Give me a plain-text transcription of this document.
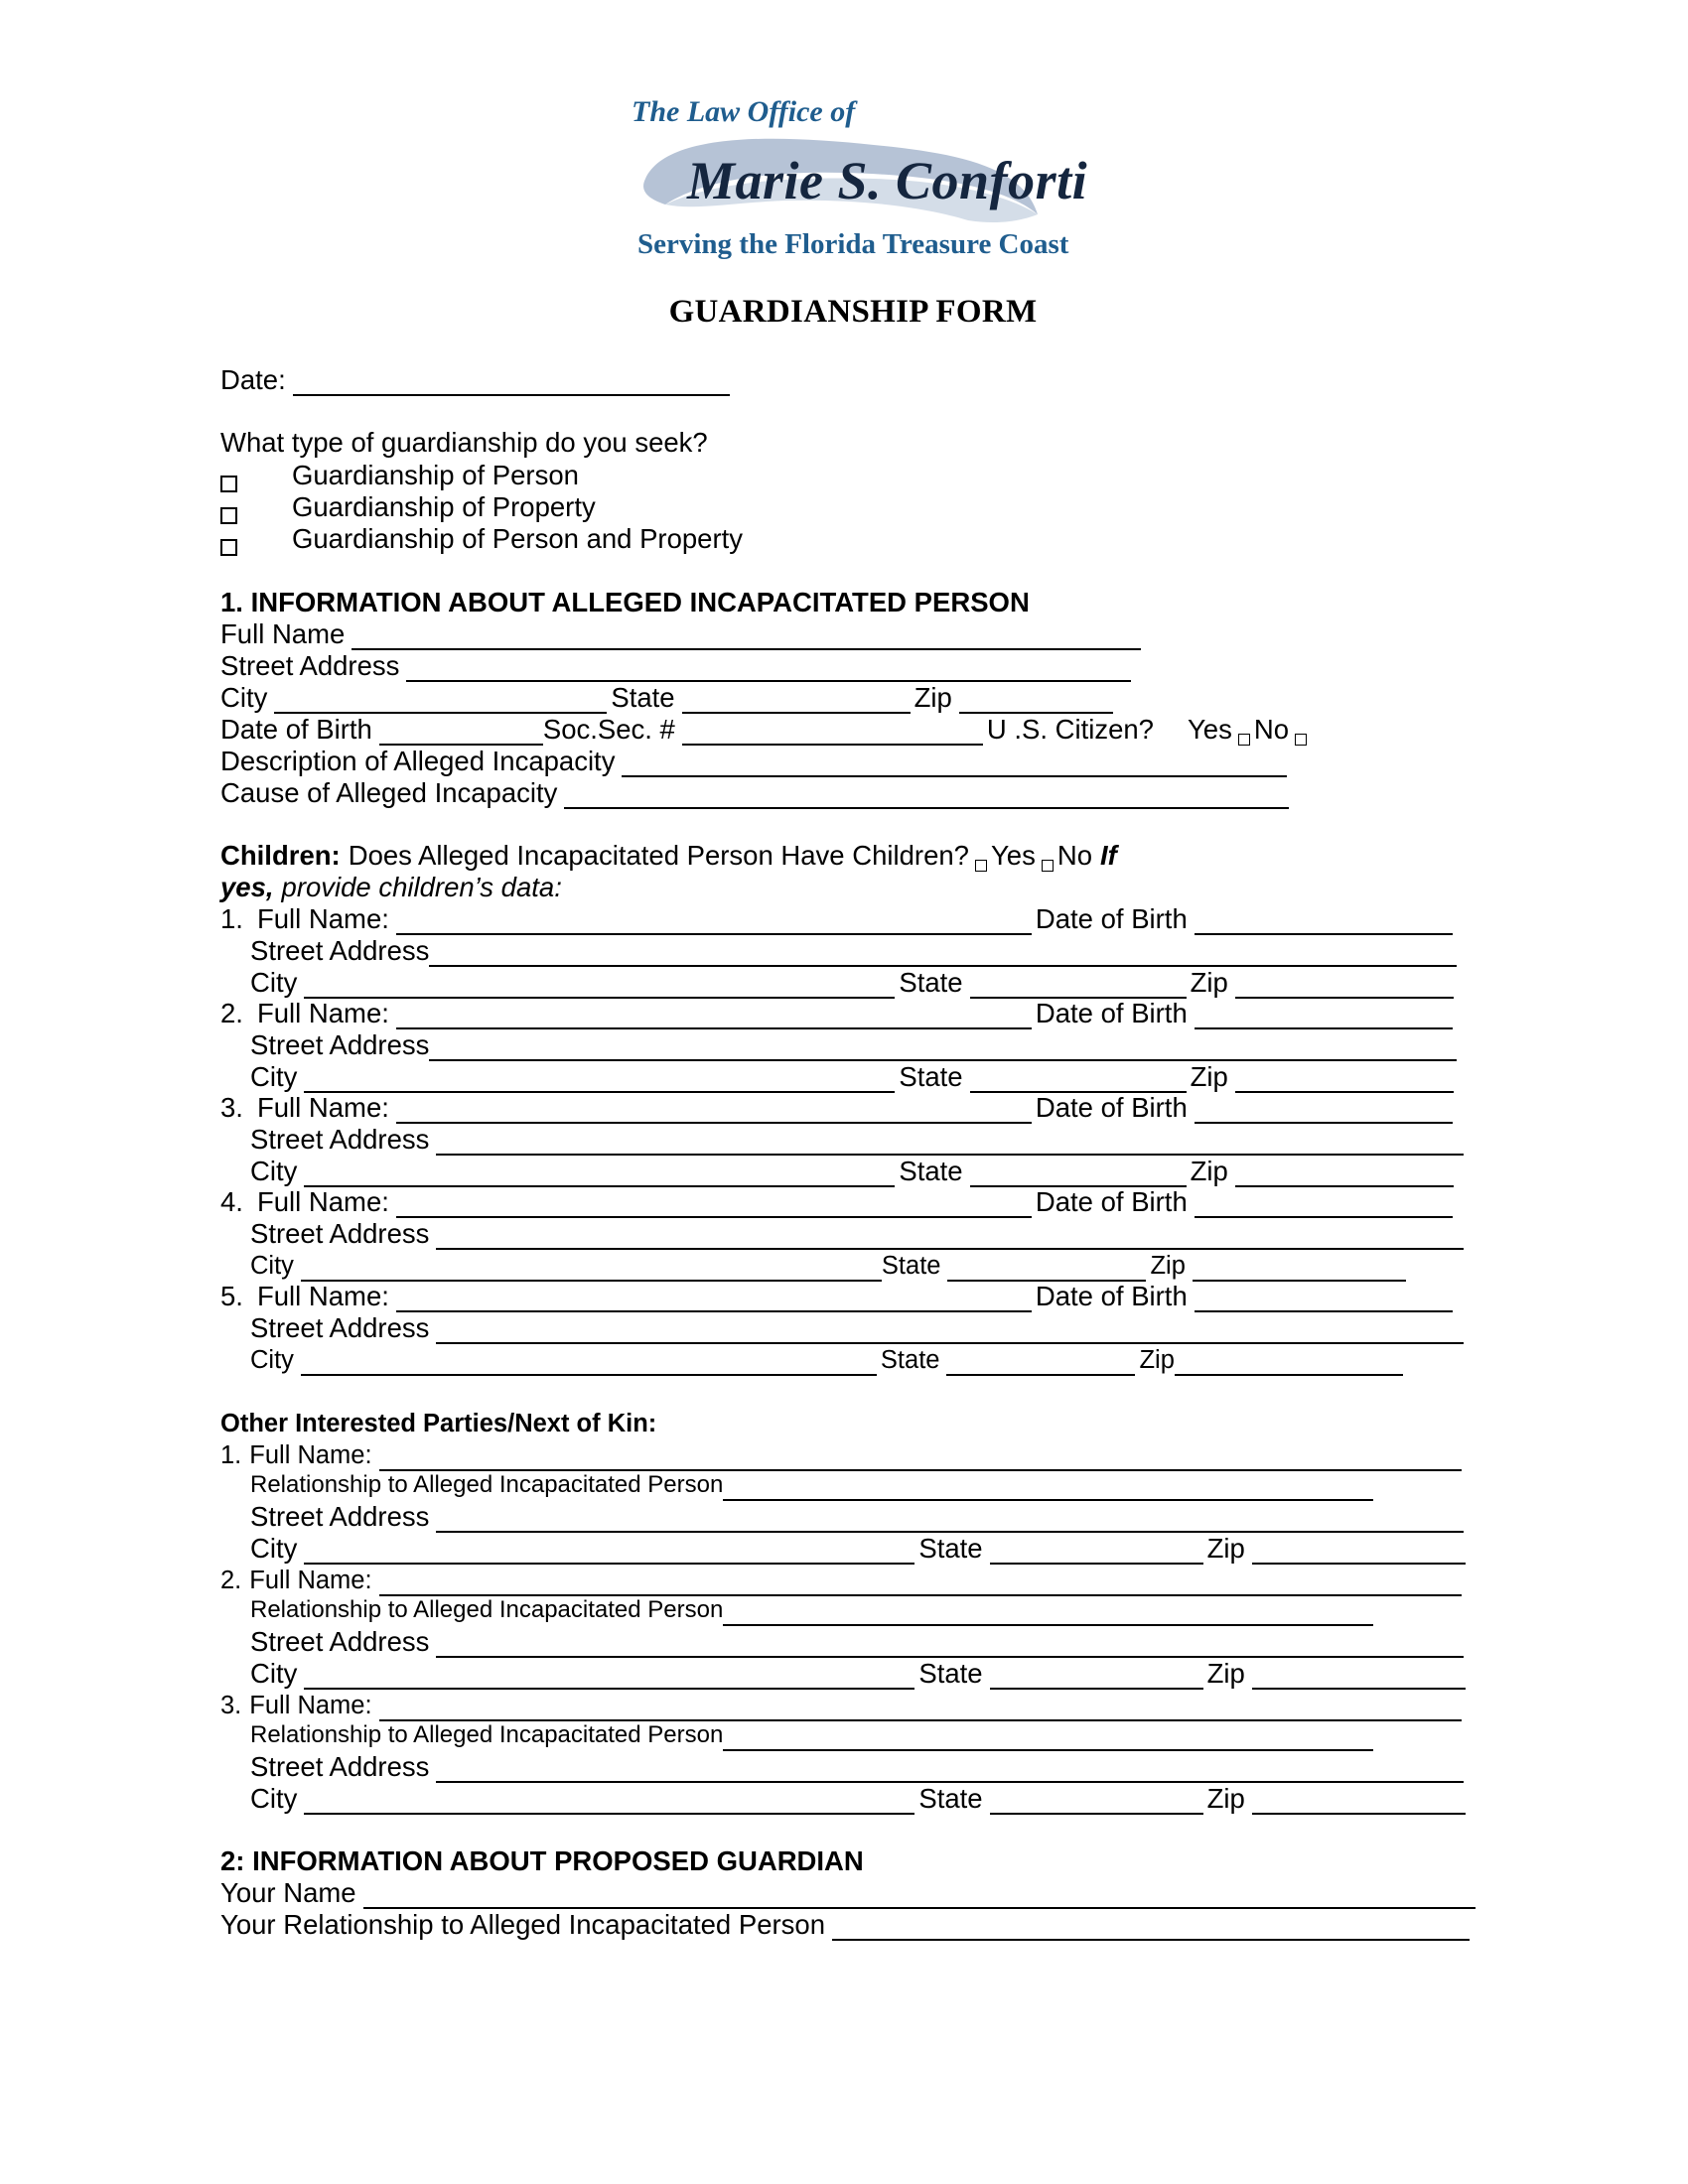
The Law Office of
Marie S. Conforti
Serving the Florida Treasure Coast
GUARDIANSHIP FORM
Date:
What type of guardianship do you seek?
Guardianship of Person
Guardianship of Property
Guardianship of Person and Property
1. INFORMATION ABOUT ALLEGED INCAPACITATED PERSON
Full Name
Street Address
City	State	Zip
Date of Birth	Soc.Sec. #	U .S. Citizen? Yes No
Description of Alleged Incapacity
Cause of Alleged Incapacity
Children: Does Alleged Incapacitated Person Have Children? Yes No If
yes, provide children’s data:
1. Full Name:	Date of Birth
Street Address
City	State	Zip
2. Full Name:	Date of Birth
Street Address
City	State	Zip
3. Full Name:	Date of Birth
Street Address
City	State	Zip
4. Full Name:	Date of Birth
Street Address
City	State	Zip
5. Full Name:	Date of Birth
Street Address
City	State	Zip
Other Interested Parties/Next of Kin:
1. Full Name:
Relationship to Alleged Incapacitated Person
Street Address
City	State	Zip
2. Full Name:
Relationship to Alleged Incapacitated Person
Street Address
City	State	Zip
3. Full Name:
Relationship to Alleged Incapacitated Person
Street Address
City	State	Zip
2: INFORMATION ABOUT PROPOSED GUARDIAN
Your Name
Your Relationship to Alleged Incapacitated Person
